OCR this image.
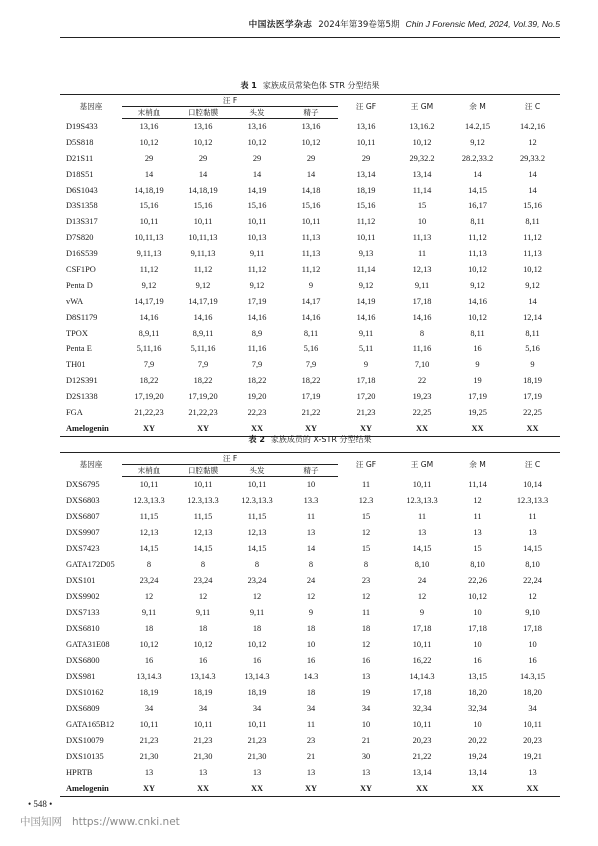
中国法医学杂志 2024年第39卷第5期 Chin J Forensic Med, 2024, Vol.39, No.5
表 1 家族成员常染色体 STR 分型结果
基因座	汪 F				汪 GF	王 GM	余 M	汪 C
	末梢血	口腔黏膜	头发	精子				
D19S433	13,16	13,16	13,16	13,16	13,16	13,16.2	14.2,15	14.2,16
D5S818	10,12	10,12	10,12	10,12	10,11	10,12	9,12	12
D21S11	29	29	29	29	29	29,32.2	28.2,33.2	29,33.2
D18S51	14	14	14	14	13,14	13,14	14	14
D6S1043	14,18,19	14,18,19	14,19	14,18	18,19	11,14	14,15	14
D3S1358	15,16	15,16	15,16	15,16	15,16	15	16,17	15,16
D13S317	10,11	10,11	10,11	10,11	11,12	10	8,11	8,11
D7S820	10,11,13	10,11,13	10,13	11,13	10,11	11,13	11,12	11,12
D16S539	9,11,13	9,11,13	9,11	11,13	9,13	11	11,13	11,13
CSF1PO	11,12	11,12	11,12	11,12	11,14	12,13	10,12	10,12
Penta D	9,12	9,12	9,12	9	9,12	9,11	9,12	9,12
vWA	14,17,19	14,17,19	17,19	14,17	14,19	17,18	14,16	14
D8S1179	14,16	14,16	14,16	14,16	14,16	14,16	10,12	12,14
TPOX	8,9,11	8,9,11	8,9	8,11	9,11	8	8,11	8,11
Penta E	5,11,16	5,11,16	11,16	5,16	5,11	11,16	16	5,16
TH01	7,9	7,9	7,9	7,9	9	7,10	9	9
D12S391	18,22	18,22	18,22	18,22	17,18	22	19	18,19
D2S1338	17,19,20	17,19,20	19,20	17,19	17,20	19,23	17,19	17,19
FGA	21,22,23	21,22,23	22,23	21,22	21,23	22,25	19,25	22,25
Amelogenin	XY	XY	XX	XY	XY	XX	XX	XX
表 2 家族成员的 X-STR 分型结果
基因座	汪 F				汪 GF	王 GM	余 M	汪 C
	末梢血	口腔黏膜	头发	精子				
DXS6795	10,11	10,11	10,11	10	11	10,11	11,14	10,14
DXS6803	12.3,13.3	12.3,13.3	12.3,13.3	13.3	12.3	12.3,13.3	12	12.3,13.3
DXS6807	11,15	11,15	11,15	11	15	11	11	11
DXS9907	12,13	12,13	12,13	13	12	13	13	13
DXS7423	14,15	14,15	14,15	14	15	14,15	15	14,15
GATA172D05	8	8	8	8	8	8,10	8,10	8,10
DXS101	23,24	23,24	23,24	24	23	24	22,26	22,24
DXS9902	12	12	12	12	12	12	10,12	12
DXS7133	9,11	9,11	9,11	9	11	9	10	9,10
DXS6810	18	18	18	18	18	17,18	17,18	17,18
GATA31E08	10,12	10,12	10,12	10	12	10,11	10	10
DXS6800	16	16	16	16	16	16,22	16	16
DXS981	13,14.3	13,14.3	13,14.3	14.3	13	14,14.3	13,15	14.3,15
DXS10162	18,19	18,19	18,19	18	19	17,18	18,20	18,20
DXS6809	34	34	34	34	34	32,34	32,34	34
GATA165B12	10,11	10,11	10,11	11	10	10,11	10	10,11
DXS10079	21,23	21,23	21,23	23	21	20,23	20,22	20,23
DXS10135	21,30	21,30	21,30	21	30	21,22	19,24	19,21
HPRTB	13	13	13	13	13	13,14	13,14	13
Amelogenin	XY	XX	XX	XY	XY	XX	XX	XX
• 548 •
中国知网 https://www.cnki.net
